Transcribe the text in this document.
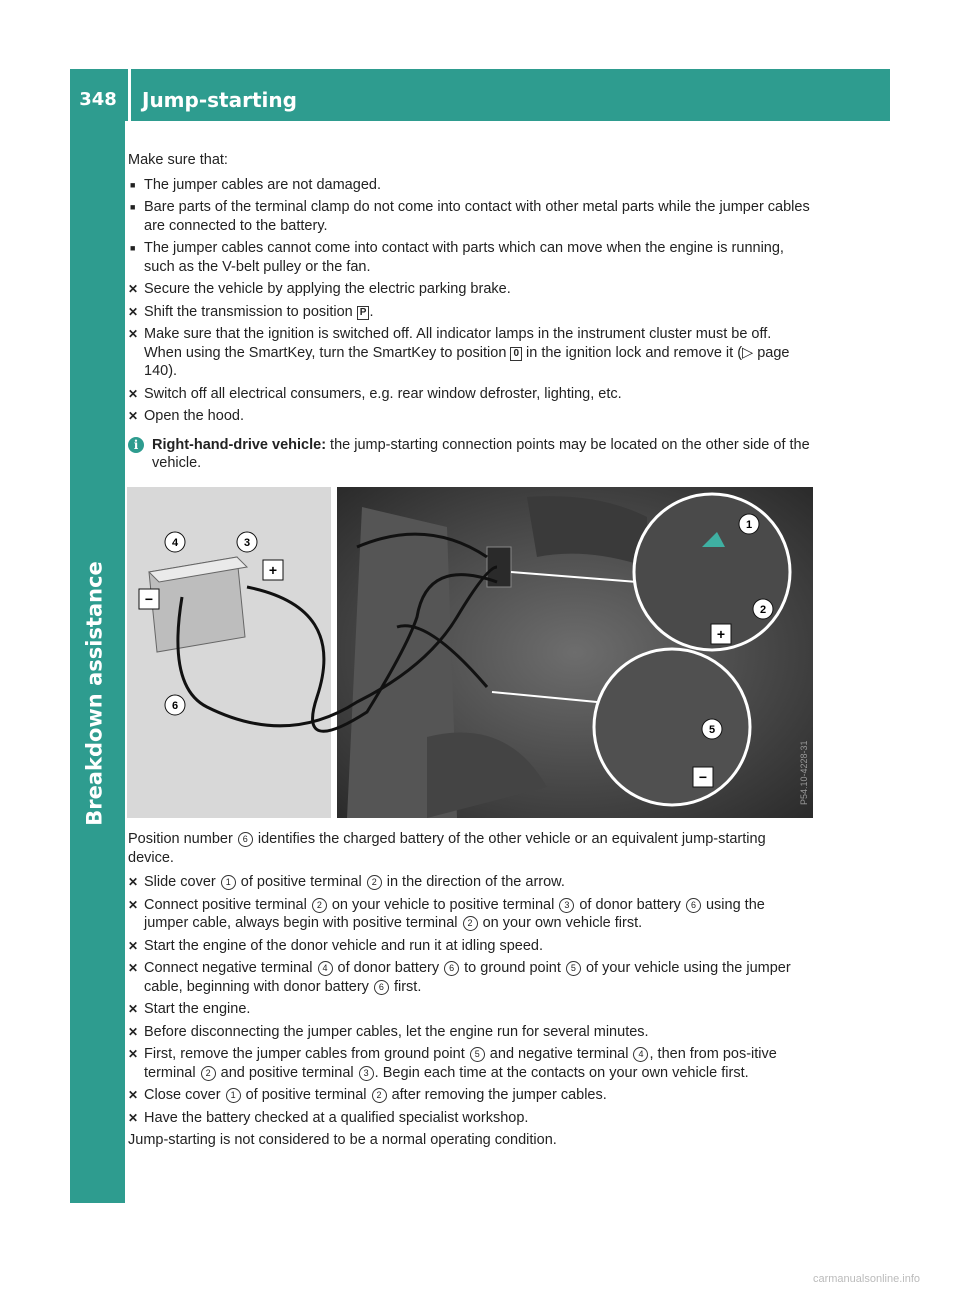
348	Jump-starting
Breakdown assistance

Make sure that:

■ The jumper cables are not damaged.
■ Bare parts of the terminal clamp do not come into contact with other metal parts while the jumper cables are connected to the battery.
■ The jumper cables cannot come into contact with parts which can move when the engine is running, such as the V-belt pulley or the fan.
✕ Secure the vehicle by applying the electric parking brake.
✕ Shift the transmission to position P .
✕ Make sure that the ignition is switched off. All indicator lamps in the instrument cluster must be off. When using the SmartKey, turn the SmartKey to position 0 in the ignition lock and remove it (▷ page 140).
✕ Switch off all electrical consumers, e.g. rear window defroster, lighting, etc.
✕ Open the hood.
i Right-hand-drive vehicle: the jump-starting connection points may be located on the other side of the vehicle.
4	3
6
1
2
5
+
−
+
−	P54.10-4228-31

Position number 6 identifies the charged battery of the other vehicle or an equivalent jump-starting device.

✕ Slide cover 1 of positive terminal 2 in the direction of the arrow.
✕ Connect positive terminal 2 on your vehicle to positive terminal 3 of donor battery 6 using the jumper cable, always begin with positive terminal 2 on your own vehicle first.
✕ Start the engine of the donor vehicle and run it at idling speed.
✕ Connect negative terminal 4 of donor battery 6 to ground point 5 of your vehicle using the jumper cable, beginning with donor battery 6 first.
✕ Start the engine.
✕ Before disconnecting the jumper cables, let the engine run for several minutes.
✕ First, remove the jumper cables from ground point 5 and negative terminal 4 , then from pos-itive terminal 2 and positive terminal 3 . Begin each time at the contacts on your own vehicle first.
✕ Close cover 1 of positive terminal 2 after removing the jumper cables.
✕ Have the battery checked at a qualified specialist workshop.

Jump-starting is not considered to be a normal operating condition.

carmanualsonline.info
